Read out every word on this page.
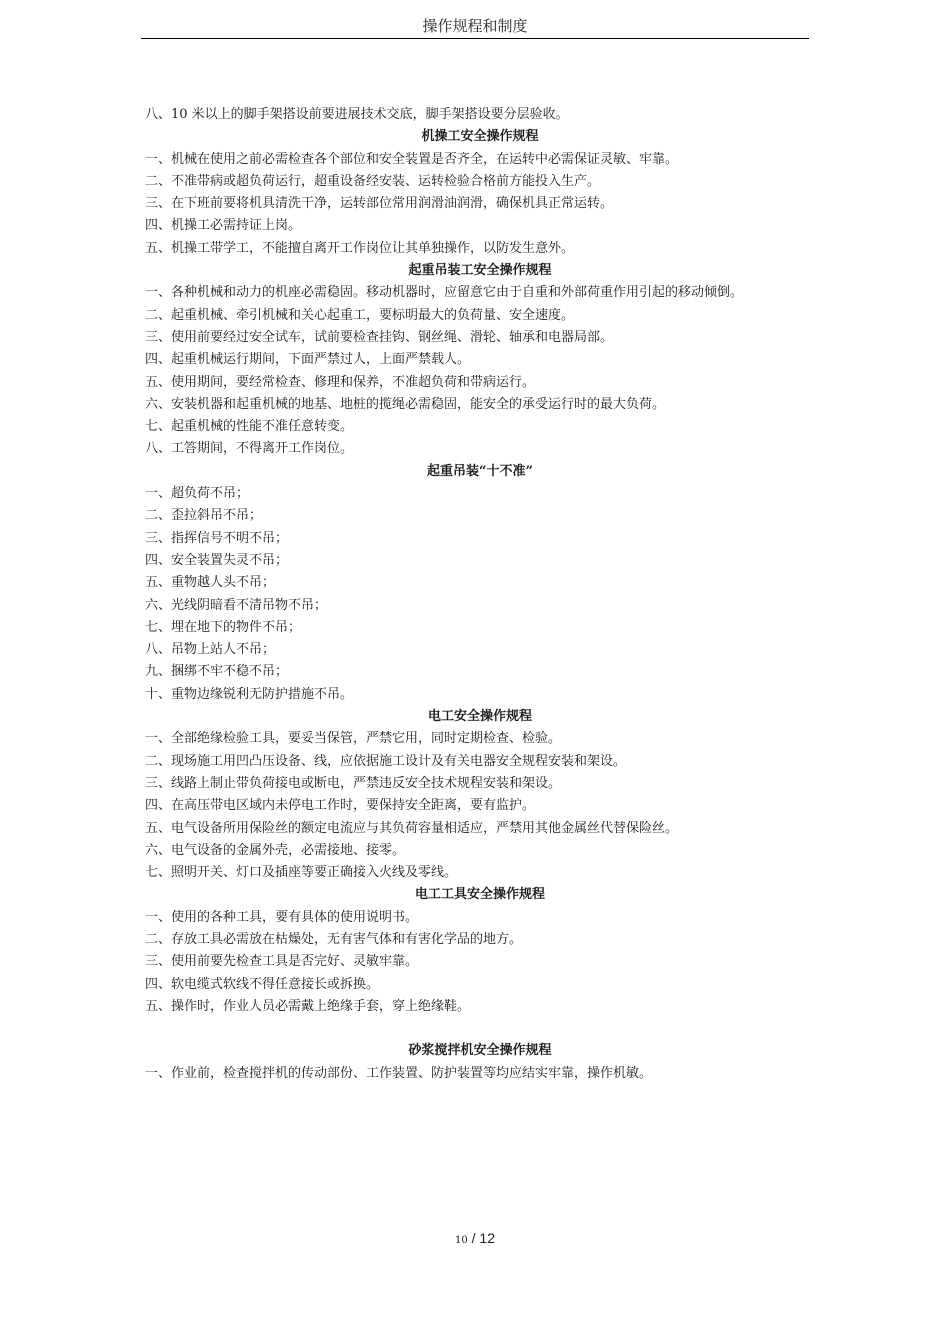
操作规程和制度
八、10 米以上的脚手架搭设前要进展技术交底，脚手架搭设要分层验收。
机操工安全操作规程
一、机械在使用之前必需检查各个部位和安全装置是否齐全，在运转中必需保证灵敏、牢靠。
二、不准带病或超负荷运行，超重设备经安装、运转检验合格前方能投入生产。
三、在下班前要将机具清洗干净，运转部位常用润滑油润滑，确保机具正常运转。
四、机操工必需持证上岗。
五、机操工带学工，不能擅自离开工作岗位让其单独操作，以防发生意外。
起重吊装工安全操作规程
一、各种机械和动力的机座必需稳固。移动机器时，应留意它由于自重和外部荷重作用引起的移动倾倒。
二、起重机械、牵引机械和关心起重工，要标明最大的负荷量、安全速度。
三、使用前要经过安全试车，试前要检查挂钩、钢丝绳、滑轮、轴承和电器局部。
四、起重机械运行期间，下面严禁过人，上面严禁载人。
五、使用期间，要经常检查、修理和保养，不准超负荷和带病运行。
六、安装机器和起重机械的地基、地桩的揽绳必需稳固，能安全的承受运行时的最大负荷。
七、起重机械的性能不准任意转变。
八、工答期间，不得离开工作岗位。
起重吊装“十不准”
一、超负荷不吊；
二、歪拉斜吊不吊；
三、指挥信号不明不吊；
四、安全装置失灵不吊；
五、重物越人头不吊；
六、光线阴暗看不清吊物不吊；
七、埋在地下的物件不吊；
八、吊物上站人不吊；
九、捆绑不牢不稳不吊；
十、重物边缘锐利无防护措施不吊。
电工安全操作规程
一、全部绝缘检验工具，要妥当保管，严禁它用，同时定期检查、检验。
二、现场施工用凹凸压设备、线，应依据施工设计及有关电器安全规程安装和架设。
三、线路上制止带负荷接电或断电，严禁违反安全技术规程安装和架设。
四、在高压带电区域内未停电工作时，要保持安全距离，要有监护。
五、电气设备所用保险丝的额定电流应与其负荷容量相适应，严禁用其他金属丝代替保险丝。
六、电气设备的金属外壳，必需接地、接零。
七、照明开关、灯口及插座等要正确接入火线及零线。
电工工具安全操作规程
一、使用的各种工具，要有具体的使用说明书。
二、存放工具必需放在枯燥处，无有害气体和有害化学品的地方。
三、使用前要先检查工具是否完好、灵敏牢靠。
四、软电缆式软线不得任意接长或拆换。
五、操作时，作业人员必需戴上绝缘手套，穿上绝缘鞋。
砂浆搅拌机安全操作规程
一、作业前，检查搅拌机的传动部份、工作装置、防护装置等均应结实牢靠，操作机敏。
10 / 12
